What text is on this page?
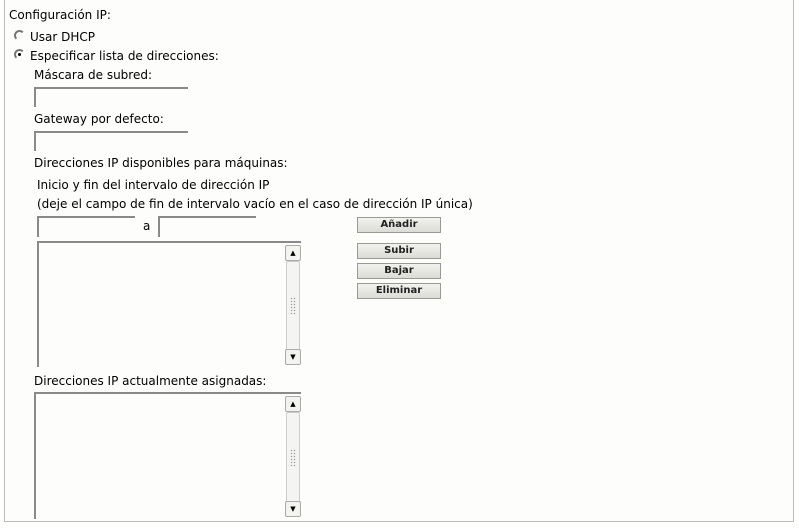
Configuración IP:
Usar DHCP
Especificar lista de direcciones:
Máscara de subred:
Gateway por defecto:
Direcciones IP disponibles para máquinas:
Inicio y fin del intervalo de dirección IP
(deje el campo de fin de intervalo vacío en el caso de dirección IP única)
a	Añadir
Subir
Bajar
Eliminar
▲
▼
Direcciones IP actualmente asignadas:
▲
▼
